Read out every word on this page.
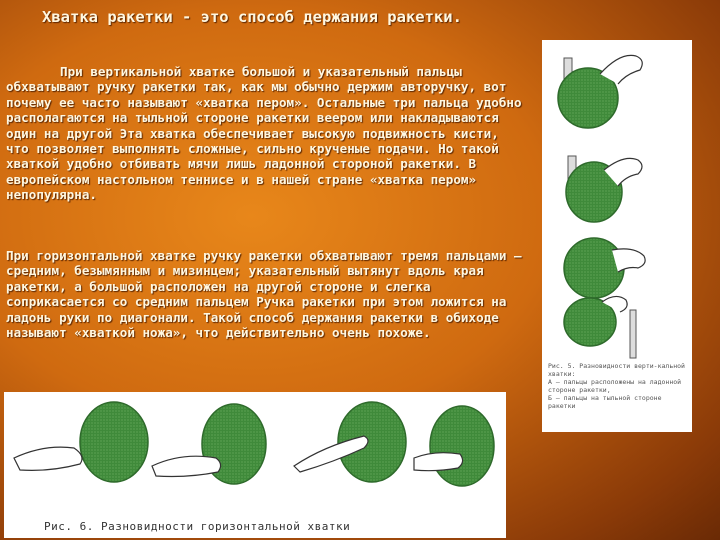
Хватка ракетки - это способ держания ракетки.

При вертикальной хватке большой и указательный пальцы обхватывают ручку ракетки так, как мы обычно держим авторучку, вот почему ее часто называют «хватка пером». Остальные три пальца удобно располагаются на тыльной стороне ракетки веером или накладываются один на другой Эта хватка обеспечивает высокую подвижность кисти, что позволяет выполнять сложные, сильно крученые подачи. Но такой хваткой удобно отбивать мячи лишь ладонной стороной ракетки. В европейском настольном теннисе и в нашей стране «хватка пером» непопулярна.

При горизонтальной хватке ручку ракетки обхватывают тремя пальцами — средним, безымянным и мизинцем; указательный вытянут вдоль края ракетки, а большой расположен на другой стороне и слегка соприкасается со средним пальцем Ручка ракетки при этом ложится на ладонь руки по диагонали. Такой способ держания ракетки в обиходе называют «хваткой ножа», что действительно очень похоже.

Рис. 5. Разновидности верти-кальной хватки:
А — пальцы расположены на ладонной стороне ракетки,
Б — пальцы на тыльной стороне ракетки
Рис. 6. Разновидности горизонтальной хватки
